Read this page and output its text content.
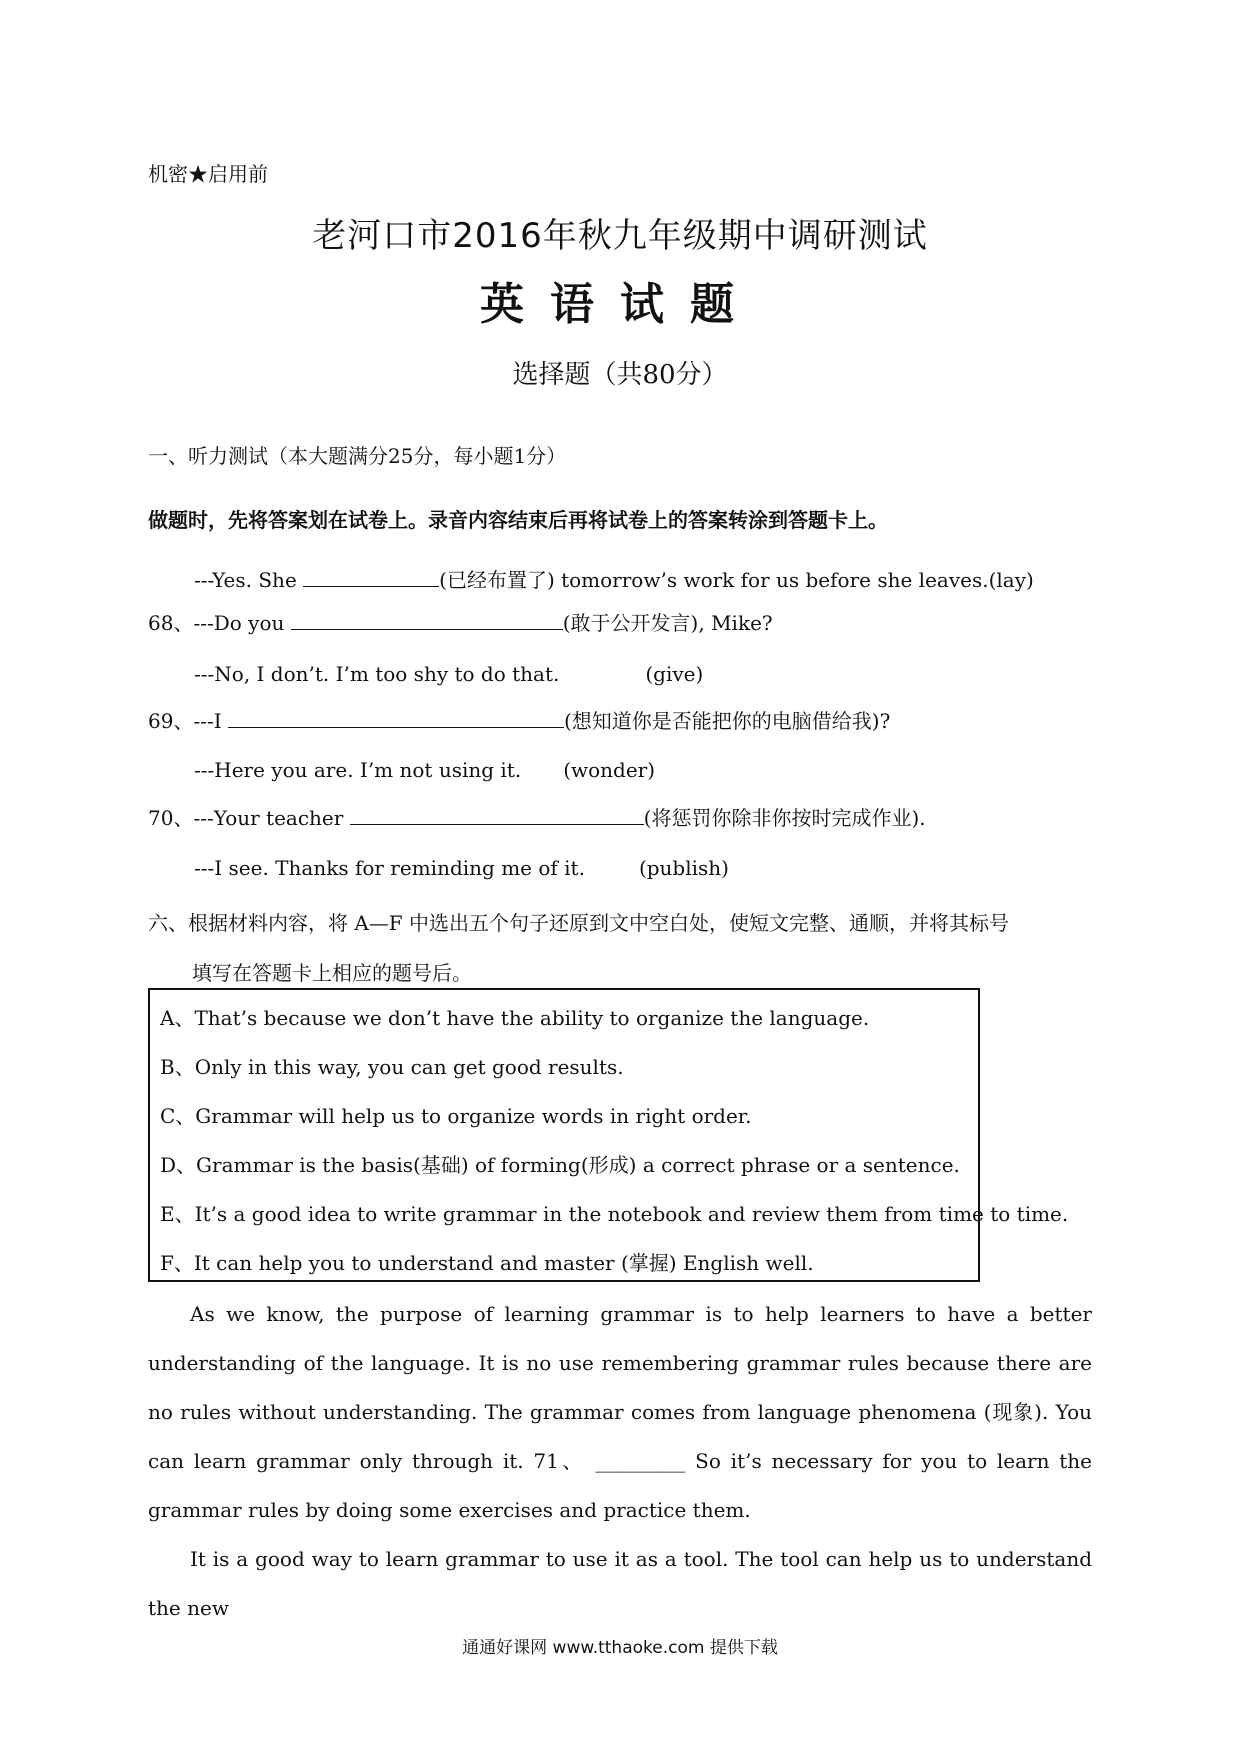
机密★启用前
老河口市2016年秋九年级期中调研测试
英语试题
选择题（共80分）
一、听力测试（本大题满分25分，每小题1分）
做题时，先将答案划在试卷上。录音内容结束后再将试卷上的答案转涂到答题卡上。
---Yes. She	(已经布置了) tomorrow’s work for us before she leaves.(lay)
68、---Do you	(敢于公开发言), Mike?
---No, I don’t. I’m too shy to do that.	(give)
69、---I	(想知道你是否能把你的电脑借给我)?
---Here you are. I’m not using it. (wonder)
70、---Your teacher	(将惩罚你除非你按时完成作业).
---I see. Thanks for reminding me of it.	(publish)
六、根据材料内容，将 A—F 中选出五个句子还原到文中空白处，使短文完整、通顺，并将其标号
填写在答题卡上相应的题号后。
A、That’s because we don’t have the ability to organize the language.
B、Only in this way, you can get good results.
C、Grammar will help us to organize words in right order.
D、Grammar is the basis(基础) of forming(形成) a correct phrase or a sentence.
E、It’s a good idea to write grammar in the notebook and review them from time to time.
F、It can help you to understand and master (掌握) English well.

As we know, the purpose of learning grammar is to help learners to have a better understanding of the language. It is no use remembering grammar rules because there are no rules without understanding. The grammar comes from language phenomena (现象). You can learn grammar only through it. 71、 _________ So it’s necessary for you to learn the grammar rules by doing some exercises and practice them.

It is a good way to learn grammar to use it as a tool. The tool can help us to understand the new

通通好课网 www.tthaoke.com 提供下载
